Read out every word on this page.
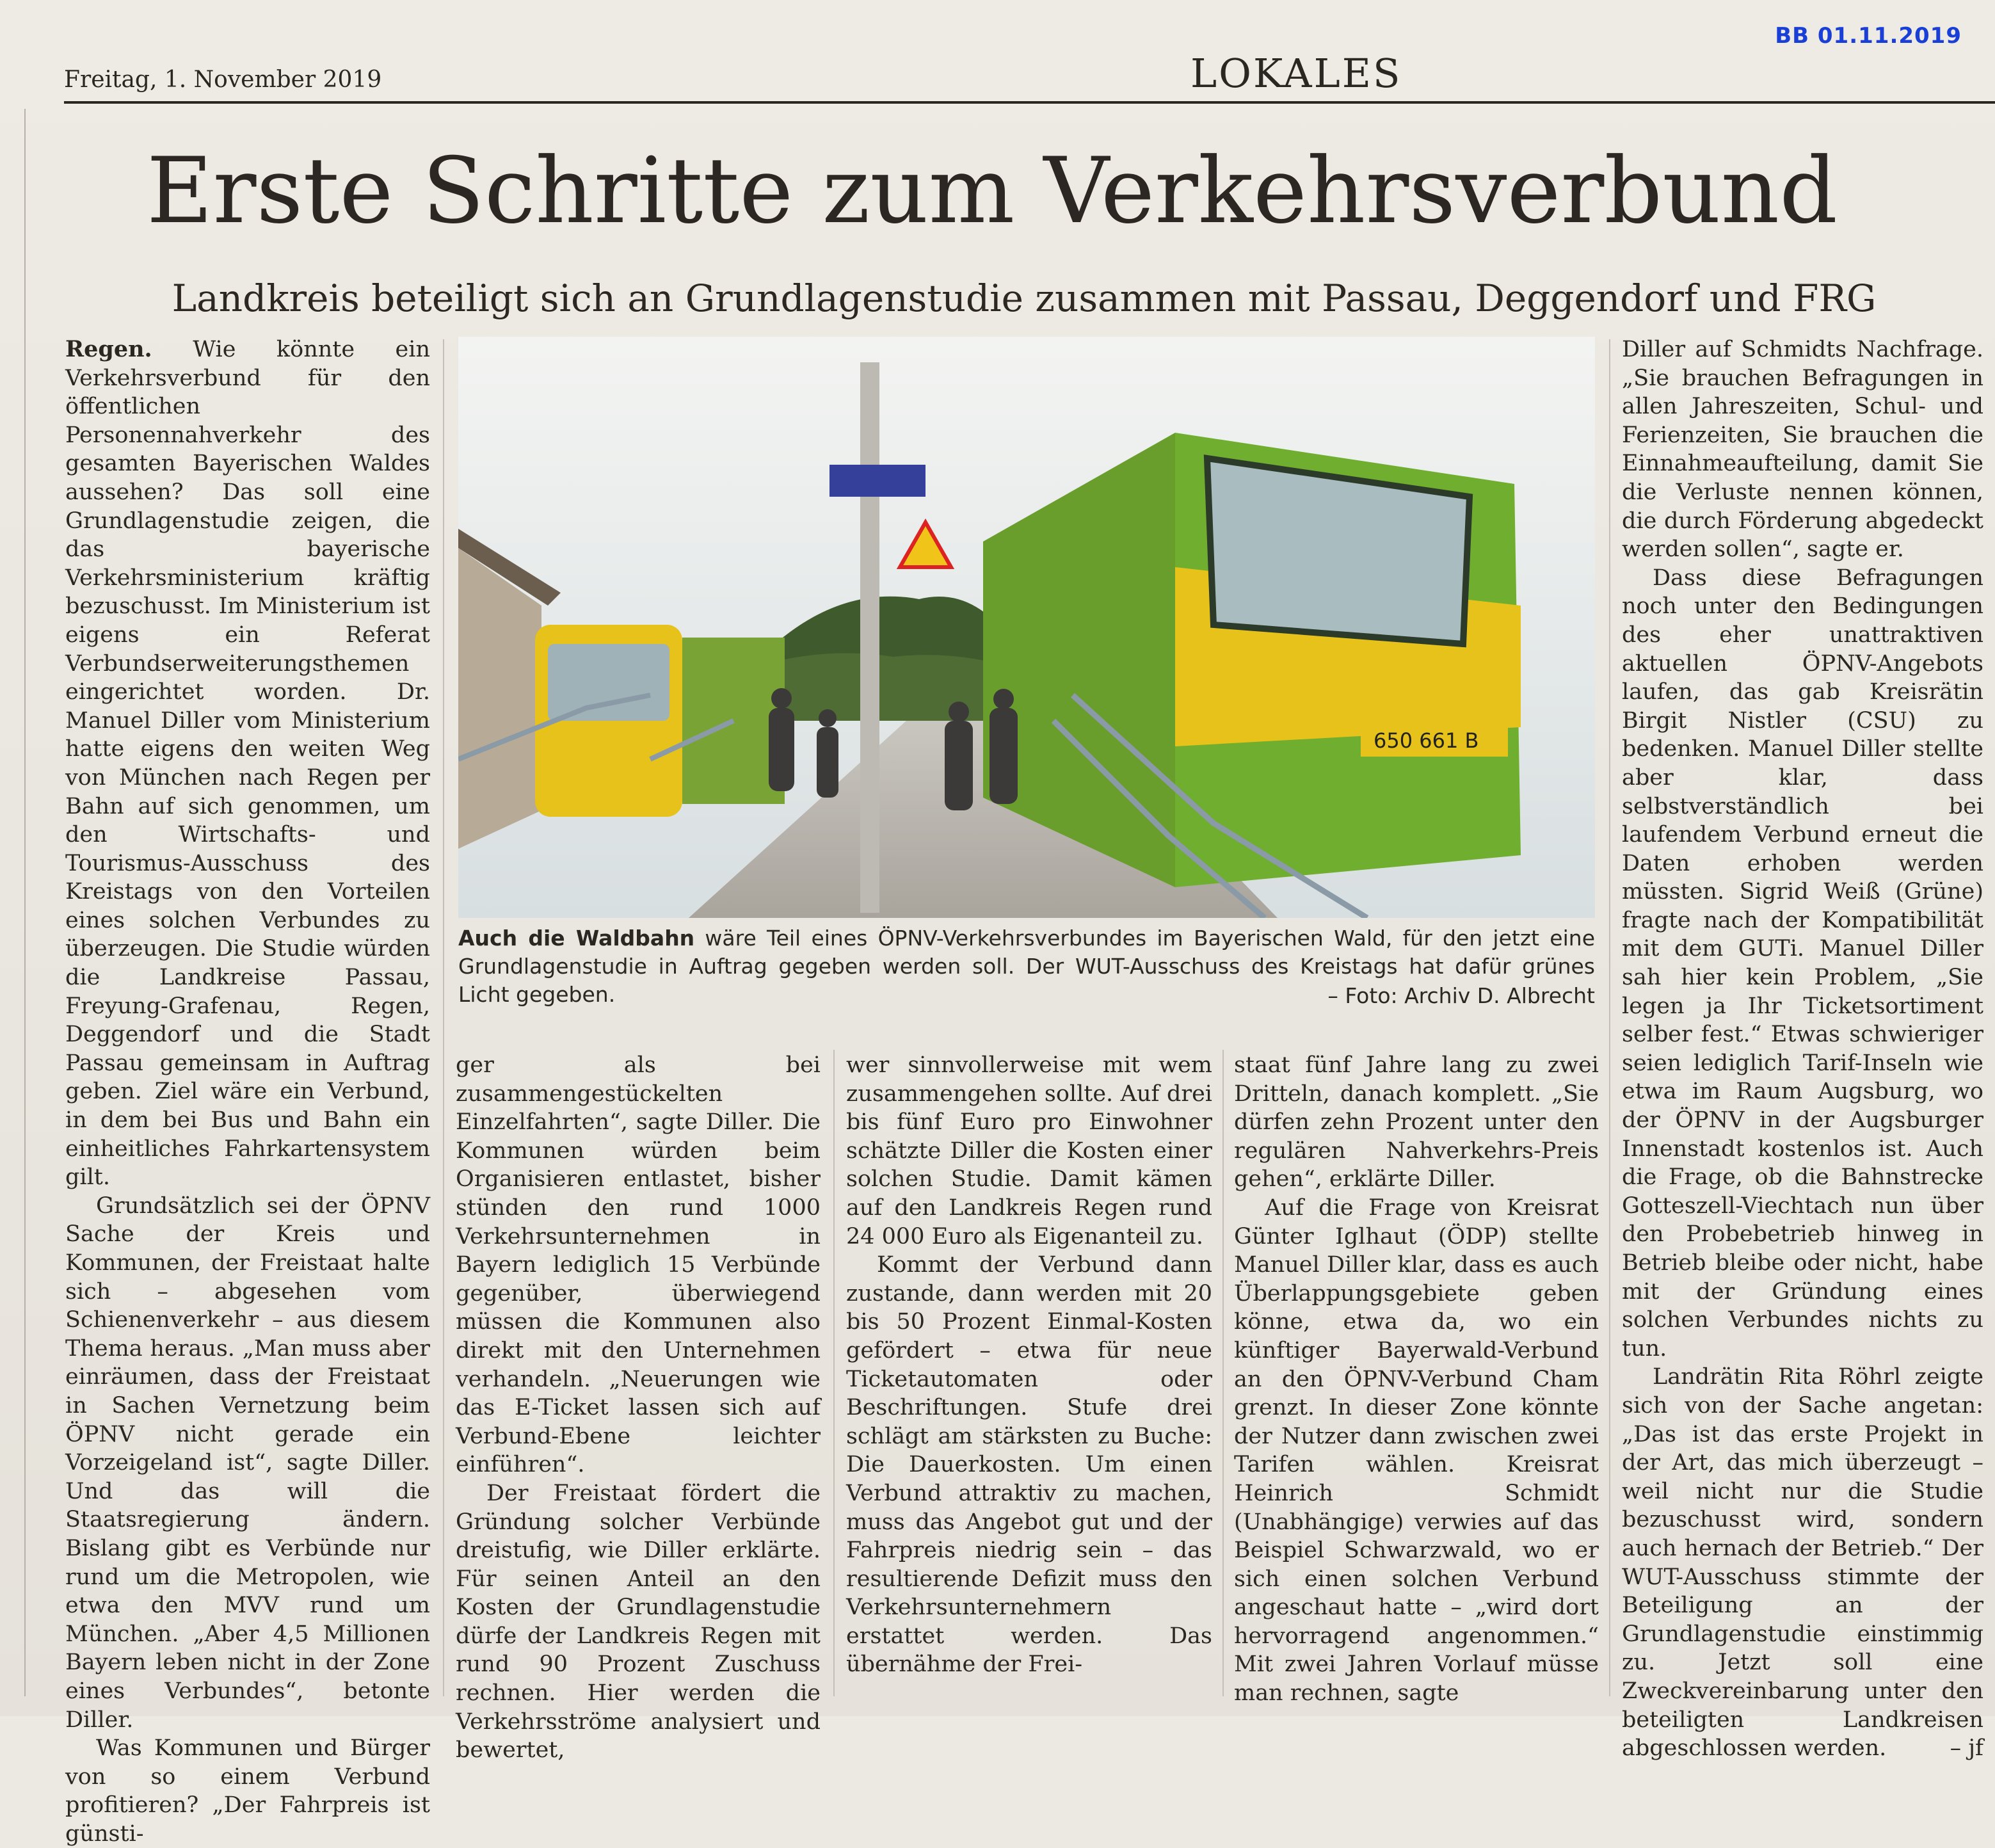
BB 01.11.2019
Freitag, 1. November 2019	LOKALES
Erste Schritte zum Verkehrsverbund
Landkreis beteiligt sich an Grundlagenstudie zusammen mit Passau, Deggendorf und FRG

Regen. Wie könnte ein Verkehrsverbund für den öffentlichen Personennahverkehr des gesamten Bayerischen Waldes aussehen? Das soll eine Grundlagenstudie zeigen, die das bayerische Verkehrsministerium kräftig bezuschusst. Im Ministerium ist eigens ein Referat Verbundserweiterungsthemen eingerichtet worden. Dr. Manuel Diller vom Ministerium hatte eigens den weiten Weg von München nach Regen per Bahn auf sich genommen, um den Wirtschafts- und Tourismus-Ausschuss des Kreistags von den Vorteilen eines solchen Verbundes zu überzeugen. Die Studie würden die Landkreise Passau, Freyung-Grafenau, Regen, Deggendorf und die Stadt Passau gemeinsam in Auftrag geben. Ziel wäre ein Verbund, in dem bei Bus und Bahn ein einheitliches Fahrkartensystem gilt.

Grundsätzlich sei der ÖPNV Sache der Kreis und Kommunen, der Freistaat halte sich – abgesehen vom Schienenverkehr – aus diesem Thema heraus. „Man muss aber einräumen, dass der Freistaat in Sachen Vernetzung beim ÖPNV nicht gerade ein Vorzeigeland ist“, sagte Diller. Und das will die Staatsregierung ändern. Bislang gibt es Verbünde nur rund um die Metropolen, wie etwa den MVV rund um München. „Aber 4,5 Millionen Bayern leben nicht in der Zone eines Verbundes“, betonte Diller.

Was Kommunen und Bürger von so einem Verbund profitieren? „Der Fahrpreis ist günsti-

650 661 B
Auch die Waldbahn wäre Teil eines ÖPNV-Verkehrsverbundes im Bayerischen Wald, für den jetzt eine Grundlagenstudie in Auftrag gegeben werden soll. Der WUT-Ausschuss des Kreistags hat dafür grünes Licht gegeben.	– Foto: Archiv D. Albrecht

ger als bei zusammengestückelten Einzelfahrten“, sagte Diller. Die Kommunen würden beim Organisieren entlastet, bisher stünden den rund 1000 Verkehrsunternehmen in Bayern lediglich 15 Verbünde gegenüber, überwiegend müssen die Kommunen also direkt mit den Unternehmen verhandeln. „Neuerungen wie das E-Ticket lassen sich auf Verbund-Ebene leichter einführen“.

Der Freistaat fördert die Gründung solcher Verbünde dreistufig, wie Diller erklärte. Für seinen Anteil an den Kosten der Grundlagenstudie dürfe der Landkreis Regen mit rund 90 Prozent Zuschuss rechnen. Hier werden die Verkehrsströme analysiert und bewertet,

wer sinnvollerweise mit wem zusammengehen sollte. Auf drei bis fünf Euro pro Einwohner schätzte Diller die Kosten einer solchen Studie. Damit kämen auf den Landkreis Regen rund 24 000 Euro als Eigenanteil zu.

Kommt der Verbund dann zustande, dann werden mit 20 bis 50 Prozent Einmal-Kosten gefördert – etwa für neue Ticketautomaten oder Beschriftungen. Stufe drei schlägt am stärksten zu Buche: Die Dauerkosten. Um einen Verbund attraktiv zu machen, muss das Angebot gut und der Fahrpreis niedrig sein – das resultierende Defizit muss den Verkehrsunternehmern erstattet werden. Das übernähme der Frei-

staat fünf Jahre lang zu zwei Dritteln, danach komplett. „Sie dürfen zehn Prozent unter den regulären Nahverkehrs-Preis gehen“, erklärte Diller.

Auf die Frage von Kreisrat Günter Iglhaut (ÖDP) stellte Manuel Diller klar, dass es auch Überlappungsgebiete geben könne, etwa da, wo ein künftiger Bayerwald-Verbund an den ÖPNV-Verbund Cham grenzt. In dieser Zone könnte der Nutzer dann zwischen zwei Tarifen wählen. Kreisrat Heinrich Schmidt (Unabhängige) verwies auf das Beispiel Schwarzwald, wo er sich einen solchen Verbund angeschaut hatte – „wird dort hervorragend angenommen.“ Mit zwei Jahren Vorlauf müsse man rechnen, sagte

Diller auf Schmidts Nachfrage. „Sie brauchen Befragungen in allen Jahreszeiten, Schul- und Ferienzeiten, Sie brauchen die Einnahmeaufteilung, damit Sie die Verluste nennen können, die durch Förderung abgedeckt werden sollen“, sagte er.

Dass diese Befragungen noch unter den Bedingungen des eher unattraktiven aktuellen ÖPNV-Angebots laufen, das gab Kreisrätin Birgit Nistler (CSU) zu bedenken. Manuel Diller stellte aber klar, dass selbstverständlich bei laufendem Verbund erneut die Daten erhoben werden müssten. Sigrid Weiß (Grüne) fragte nach der Kompatibilität mit dem GUTi. Manuel Diller sah hier kein Problem, „Sie legen ja Ihr Ticketsortiment selber fest.“ Etwas schwieriger seien lediglich Tarif-Inseln wie etwa im Raum Augsburg, wo der ÖPNV in der Augsburger Innenstadt kostenlos ist. Auch die Frage, ob die Bahnstrecke Gotteszell-Viechtach nun über den Probebetrieb hinweg in Betrieb bleibe oder nicht, habe mit der Gründung eines solchen Verbundes nichts zu tun.

Landrätin Rita Röhrl zeigte sich von der Sache angetan: „Das ist das erste Projekt in der Art, das mich überzeugt – weil nicht nur die Studie bezuschusst wird, sondern auch hernach der Betrieb.“ Der WUT-Ausschuss stimmte der Beteiligung an der Grundlagenstudie einstimmig zu. Jetzt soll eine Zweckvereinbarung unter den beteiligten Landkreisen abgeschlossen werden.	– jf
